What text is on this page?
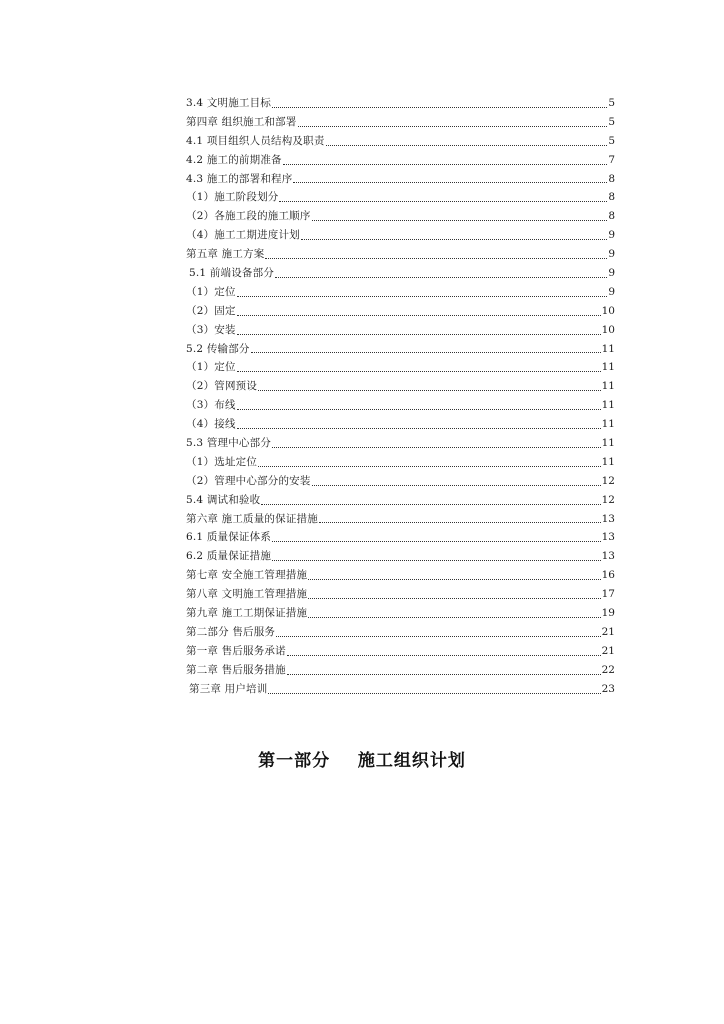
3.4 文明施工目标	5
第四章 组织施工和部署	5
4.1 项目组织人员结构及职责	5
4.2 施工的前期准备	7
4.3 施工的部署和程序	8
（1）施工阶段划分	8
（2）各施工段的施工顺序	8
（4）施工工期进度计划	9
第五章 施工方案	9
5.1 前端设备部分	9
（1）定位	9
（2）固定	10
（3）安装	10
5.2 传输部分	11
（1）定位	11
（2）管网预设	11
（3）布线	11
（4）接线	11
5.3 管理中心部分	11
（1）选址定位	11
（2）管理中心部分的安装	12
5.4 调试和验收	12
第六章 施工质量的保证措施	13
6.1 质量保证体系	13
6.2 质量保证措施	13
第七章 安全施工管理措施	16
第八章 文明施工管理措施	17
第九章 施工工期保证措施	19
第二部分 售后服务	21
第一章 售后服务承诺	21
第二章 售后服务措施	22
第三章 用户培训	23
第一部分    施工组织计划
